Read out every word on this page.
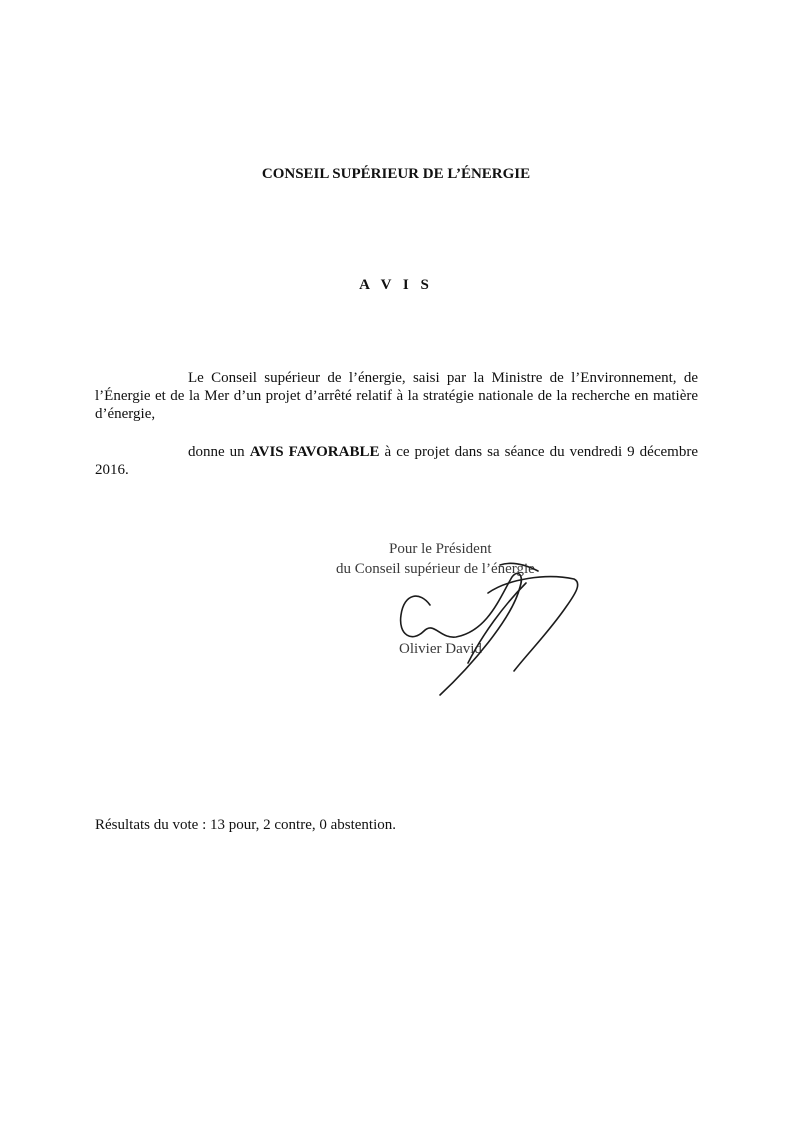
CONSEIL SUPÉRIEUR DE L’ÉNERGIE
A V I S

Le Conseil supérieur de l’énergie, saisi par la Ministre de l’Environnement, de l’Énergie et de la Mer d’un projet d’arrêté relatif à la stratégie nationale de la recherche en matière d’énergie,

donne un AVIS FAVORABLE à ce projet dans sa séance du vendredi 9 décembre 2016.

Pour le Président

du Conseil supérieur de l’énergie

Olivier David

Résultats du vote : 13 pour, 2 contre, 0 abstention.
